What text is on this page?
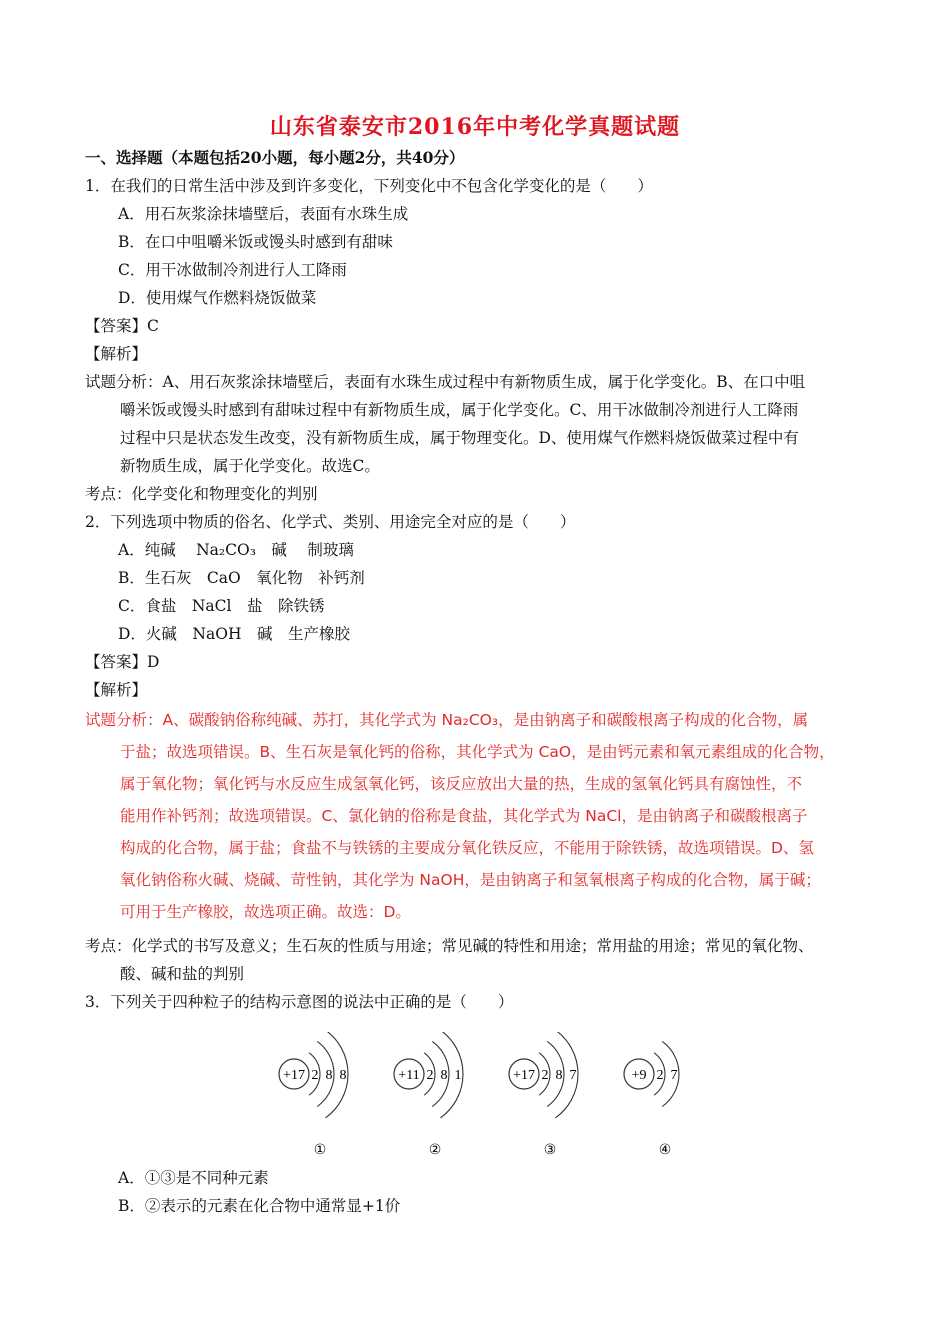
山东省泰安市2016年中考化学真题试题
一、选择题（本题包括20小题，每小题2分，共40分）
1．在我们的日常生活中涉及到许多变化，下列变化中不包含化学变化的是（　　）
A．用石灰浆涂抹墙壁后，表面有水珠生成
B．在口中咀嚼米饭或馒头时感到有甜味
C．用干冰做制冷剂进行人工降雨
D．使用煤气作燃料烧饭做菜
【答案】C
【解析】
试题分析：A、用石灰浆涂抹墙壁后，表面有水珠生成过程中有新物质生成，属于化学变化。B、在口中咀
嚼米饭或馒头时感到有甜味过程中有新物质生成，属于化学变化。C、用干冰做制冷剂进行人工降雨
过程中只是状态发生改变，没有新物质生成，属于物理变化。D、使用煤气作燃料烧饭做菜过程中有
新物质生成，属于化学变化。故选C。
考点：化学变化和物理变化的判别
2．下列选项中物质的俗名、化学式、类别、用途完全对应的是（　　）
A．纯碱　 Na₂CO₃　碱　 制玻璃
B．生石灰　CaO　氧化物　补钙剂
C．食盐　NaCl　盐　除铁锈
D．火碱　NaOH　碱　生产橡胶
【答案】D
【解析】
试题分析：A、碳酸钠俗称纯碱、苏打，其化学式为 Na₂CO₃，是由钠离子和碳酸根离子构成的化合物，属
于盐；故选项错误。B、生石灰是氧化钙的俗称，其化学式为 CaO，是由钙元素和氧元素组成的化合物，
属于氧化物；氧化钙与水反应生成氢氧化钙，该反应放出大量的热，生成的氢氧化钙具有腐蚀性，不
能用作补钙剂；故选项错误。C、氯化钠的俗称是食盐，其化学式为 NaCl，是由钠离子和碳酸根离子
构成的化合物，属于盐；食盐不与铁锈的主要成分氧化铁反应，不能用于除铁锈，故选项错误。D、氢
氧化钠俗称火碱、烧碱、苛性钠，其化学为 NaOH，是由钠离子和氢氧根离子构成的化合物，属于碱；
可用于生产橡胶，故选项正确。故选：D。
考点：化学式的书写及意义；生石灰的性质与用途；常见碱的特性和用途；常用盐的用途；常见的氧化物、
酸、碱和盐的判别
3．下列关于四种粒子的结构示意图的说法中正确的是（　　）
+17 2 8 8
①
+11 2 8 1
②
+17 2 8 7
③
+9 2 7
④
A．①③是不同种元素
B．②表示的元素在化合物中通常显+1价
